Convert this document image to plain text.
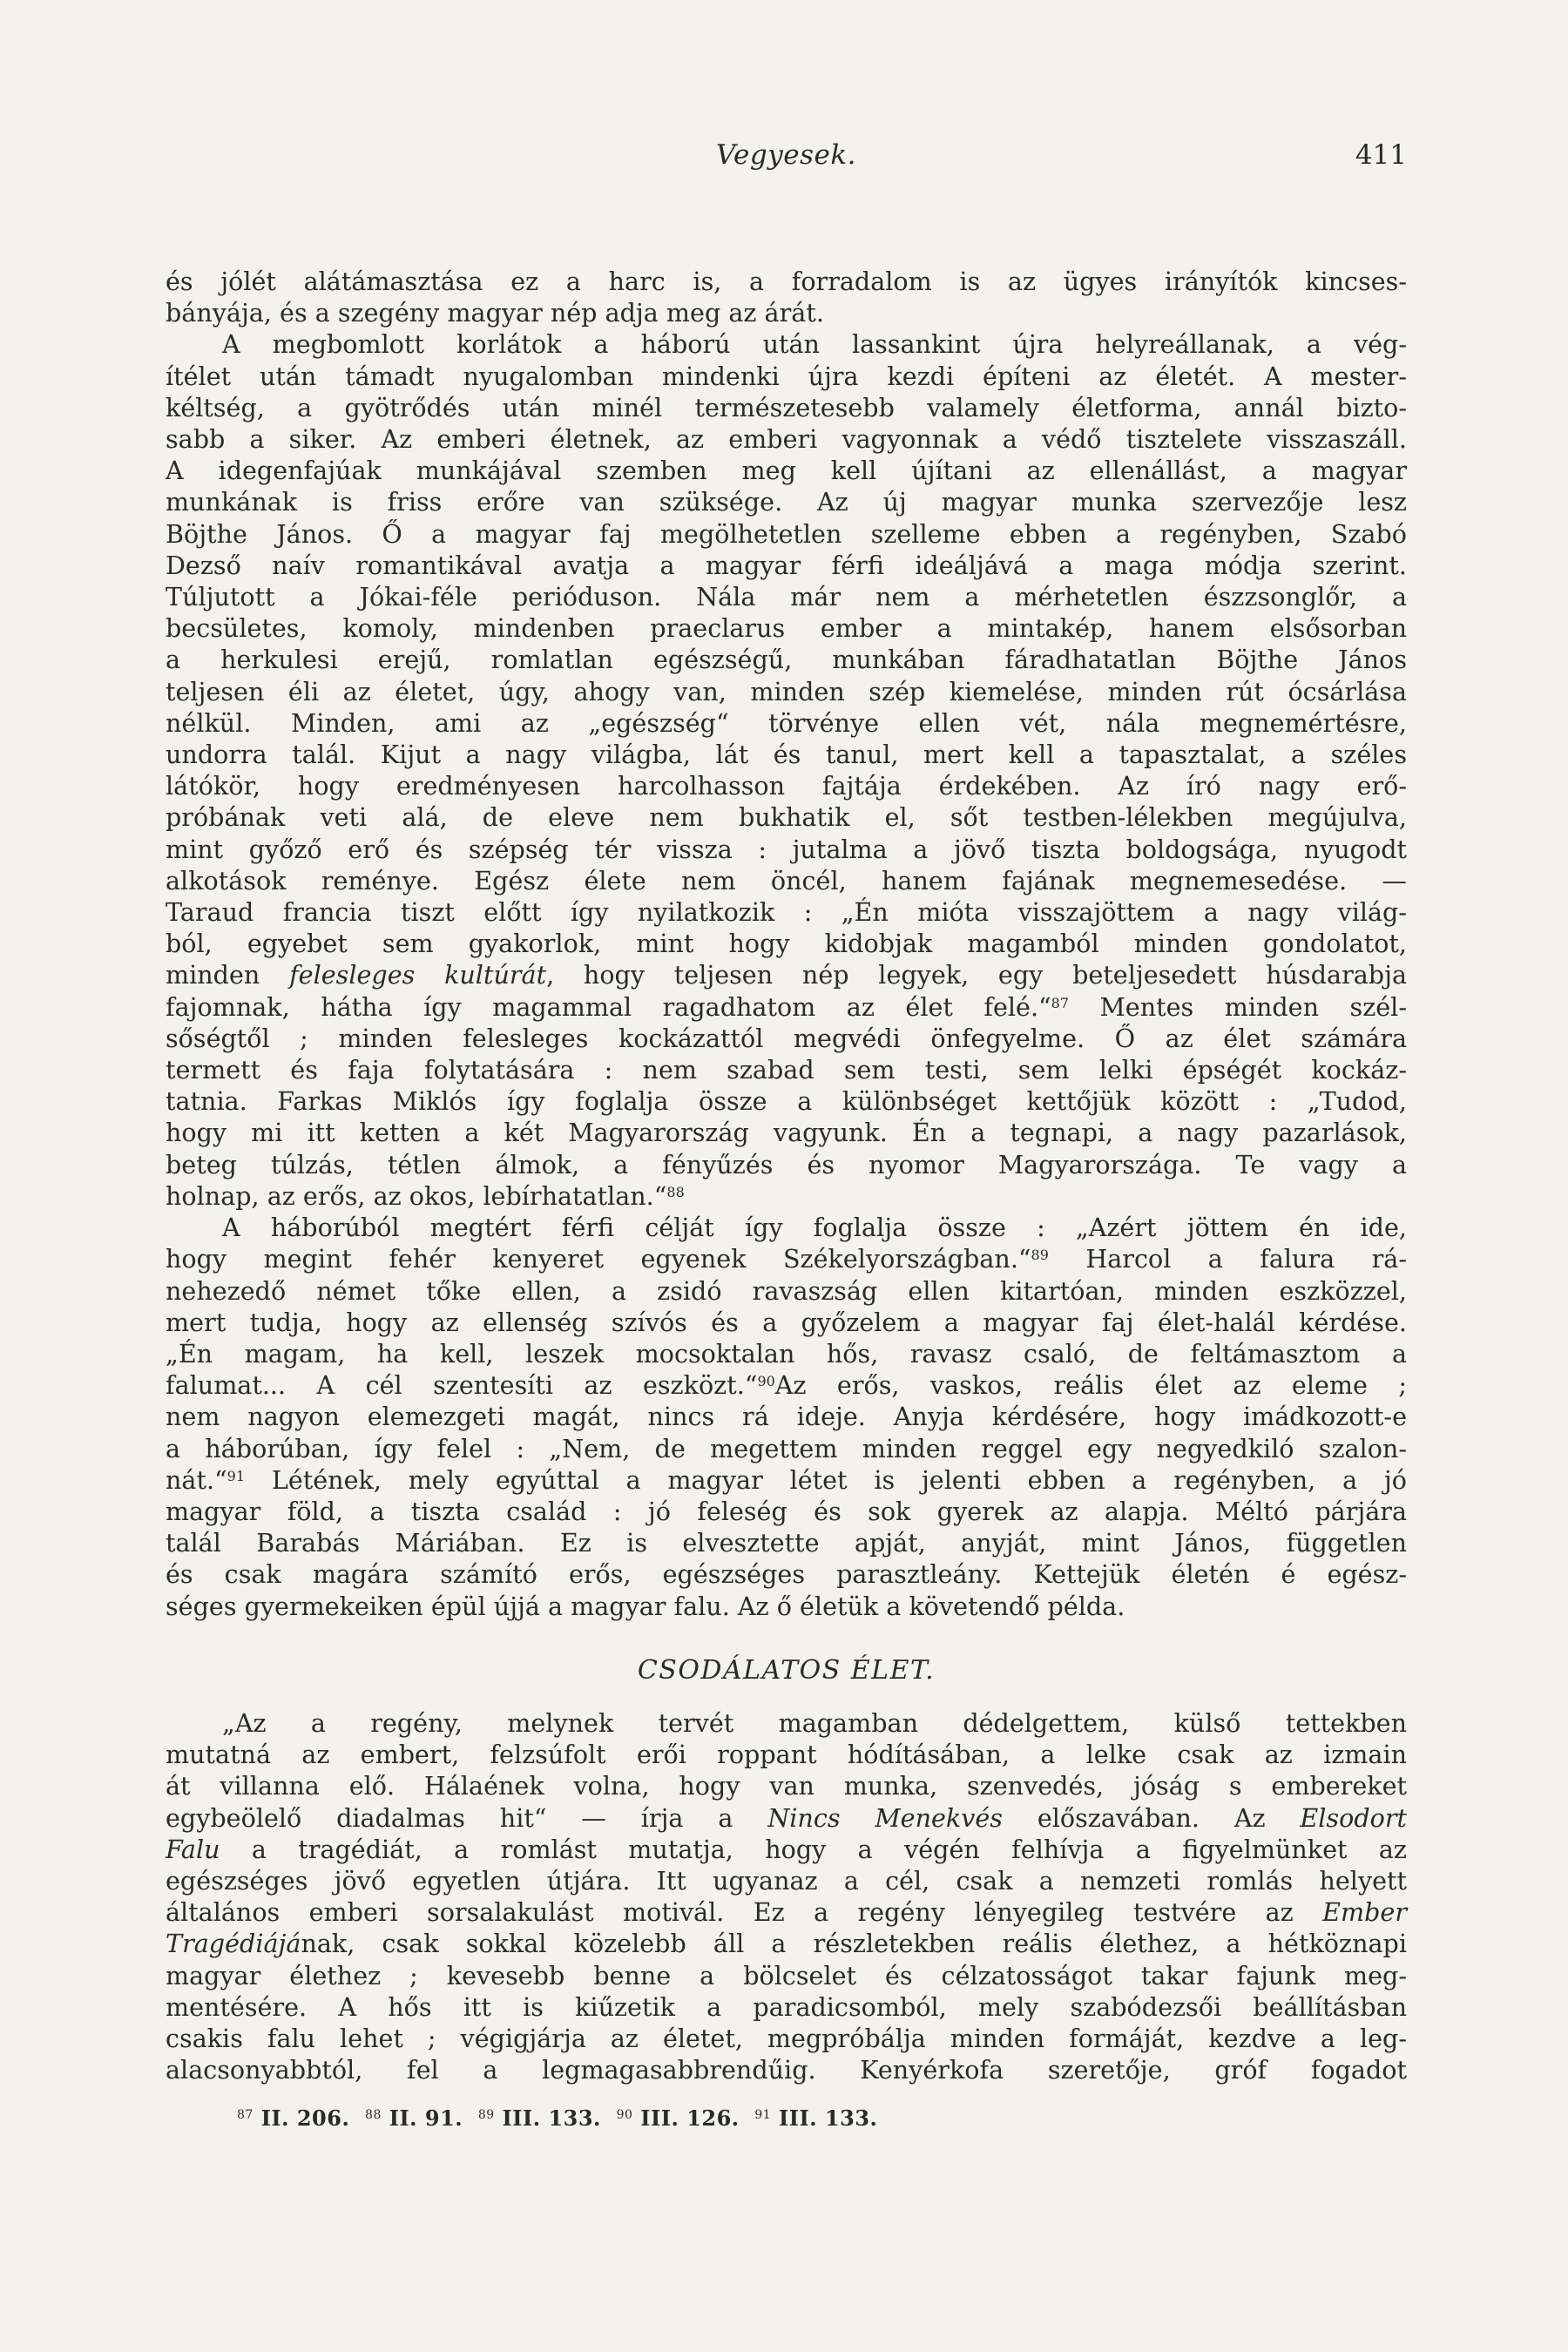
Vegyesek.	411

és jólét alátámasztása ez a harc is, a forradalom is az ügyes irányítók kincses-
bányája, és a szegény magyar nép adja meg az árát.

A megbomlott korlátok a háború után lassankint újra helyreállanak, a vég-
ítélet után támadt nyugalomban mindenki újra kezdi építeni az életét. A mester-
kéltség, a gyötrődés után minél természetesebb valamely életforma, annál bizto-
sabb a siker. Az emberi életnek, az emberi vagyonnak a védő tisztelete visszaszáll.
A idegenfajúak munkájával szemben meg kell újítani az ellenállást, a magyar
munkának is friss erőre van szüksége. Az új magyar munka szervezője lesz
Böjthe János. Ő a magyar faj megölhetetlen szelleme ebben a regényben, Szabó
Dezső naív romantikával avatja a magyar férfi ideáljává a maga módja szerint.
Túljutott a Jókai-féle perióduson. Nála már nem a mérhetetlen észzsonglőr, a
becsületes, komoly, mindenben praeclarus ember a mintakép, hanem elsősorban
a herkulesi erejű, romlatlan egészségű, munkában fáradhatatlan Böjthe János
teljesen éli az életet, úgy, ahogy van, minden szép kiemelése, minden rút ócsárlása
nélkül. Minden, ami az „egészség“ törvénye ellen vét, nála megnemértésre,
undorra talál. Kijut a nagy világba, lát és tanul, mert kell a tapasztalat, a széles
látókör, hogy eredményesen harcolhasson fajtája érdekében. Az író nagy erő-
próbának veti alá, de eleve nem bukhatik el, sőt testben-lélekben megújulva,
mint győző erő és szépség tér vissza : jutalma a jövő tiszta boldogsága, nyugodt
alkotások reménye. Egész élete nem öncél, hanem fajának megnemesedése. —
Taraud francia tiszt előtt így nyilatkozik : „Én mióta visszajöttem a nagy világ-
ból, egyebet sem gyakorlok, mint hogy kidobjak magamból minden gondolatot,
minden felesleges kultúrát, hogy teljesen nép legyek, egy beteljesedett húsdarabja
fajomnak, hátha így magammal ragadhatom az élet felé.“$^{87}$ Mentes minden szél-
sőségtől ; minden felesleges kockázattól megvédi önfegyelme. Ő az élet számára
termett és faja folytatására : nem szabad sem testi, sem lelki épségét kockáz-
tatnia. Farkas Miklós így foglalja össze a különbséget kettőjük között : „Tudod,
hogy mi itt ketten a két Magyarország vagyunk. Én a tegnapi, a nagy pazarlások,
beteg túlzás, tétlen álmok, a fényűzés és nyomor Magyarországa. Te vagy a
holnap, az erős, az okos, lebírhatatlan.“$^{88}$

A háborúból megtért férfi célját így foglalja össze : „Azért jöttem én ide,
hogy megint fehér kenyeret egyenek Székelyországban.“$^{89}$ Harcol a falura rá-
nehezedő német tőke ellen, a zsidó ravaszság ellen kitartóan, minden eszközzel,
mert tudja, hogy az ellenség szívós és a győzelem a magyar faj élet-halál kérdése.
„Én magam, ha kell, leszek mocsoktalan hős, ravasz csaló, de feltámasztom a
falumat... A cél szentesíti az eszközt.“$^{90}$Az erős, vaskos, reális élet az eleme ;
nem nagyon elemezgeti magát, nincs rá ideje. Anyja kérdésére, hogy imádkozott-e
a háborúban, így felel : „Nem, de megettem minden reggel egy negyedkiló szalon-
nát.“$^{91}$ Létének, mely egyúttal a magyar létet is jelenti ebben a regényben, a jó
magyar föld, a tiszta család : jó feleség és sok gyerek az alapja. Méltó párjára
talál Barabás Máriában. Ez is elvesztette apját, anyját, mint János, független
és csak magára számító erős, egészséges parasztleány. Kettejük életén é egész-
séges gyermekeiken épül újjá a magyar falu. Az ő életük a követendő példa.

CSODÁLATOS ÉLET.

„Az a regény, melynek tervét magamban dédelgettem, külső tettekben
mutatná az embert, felzsúfolt erői roppant hódításában, a lelke csak az izmain
át villanna elő. Hálaének volna, hogy van munka, szenvedés, jóság s embereket
egybeölelő diadalmas hit“ — írja a Nincs Menekvés előszavában. Az Elsodort
Falu a tragédiát, a romlást mutatja, hogy a végén felhívja a figyelmünket az
egészséges jövő egyetlen útjára. Itt ugyanaz a cél, csak a nemzeti romlás helyett
általános emberi sorsalakulást motivál. Ez a regény lényegileg testvére az Ember
Tragédiájának, csak sokkal közelebb áll a részletekben reális élethez, a hétköznapi
magyar élethez ; kevesebb benne a bölcselet és célzatosságot takar fajunk meg-
mentésére. A hős itt is kiűzetik a paradicsomból, mely szabódezsői beállításban
csakis falu lehet ; végigjárja az életet, megpróbálja minden formáját, kezdve a leg-
alacsonyabbtól, fel a legmagasabbrendűig. Kenyérkofa szeretője, gróf fogadot

$^{87}$ II. 206. $^{88}$ II. 91. $^{89}$ III. 133. $^{90}$ III. 126. $^{91}$ III. 133.
